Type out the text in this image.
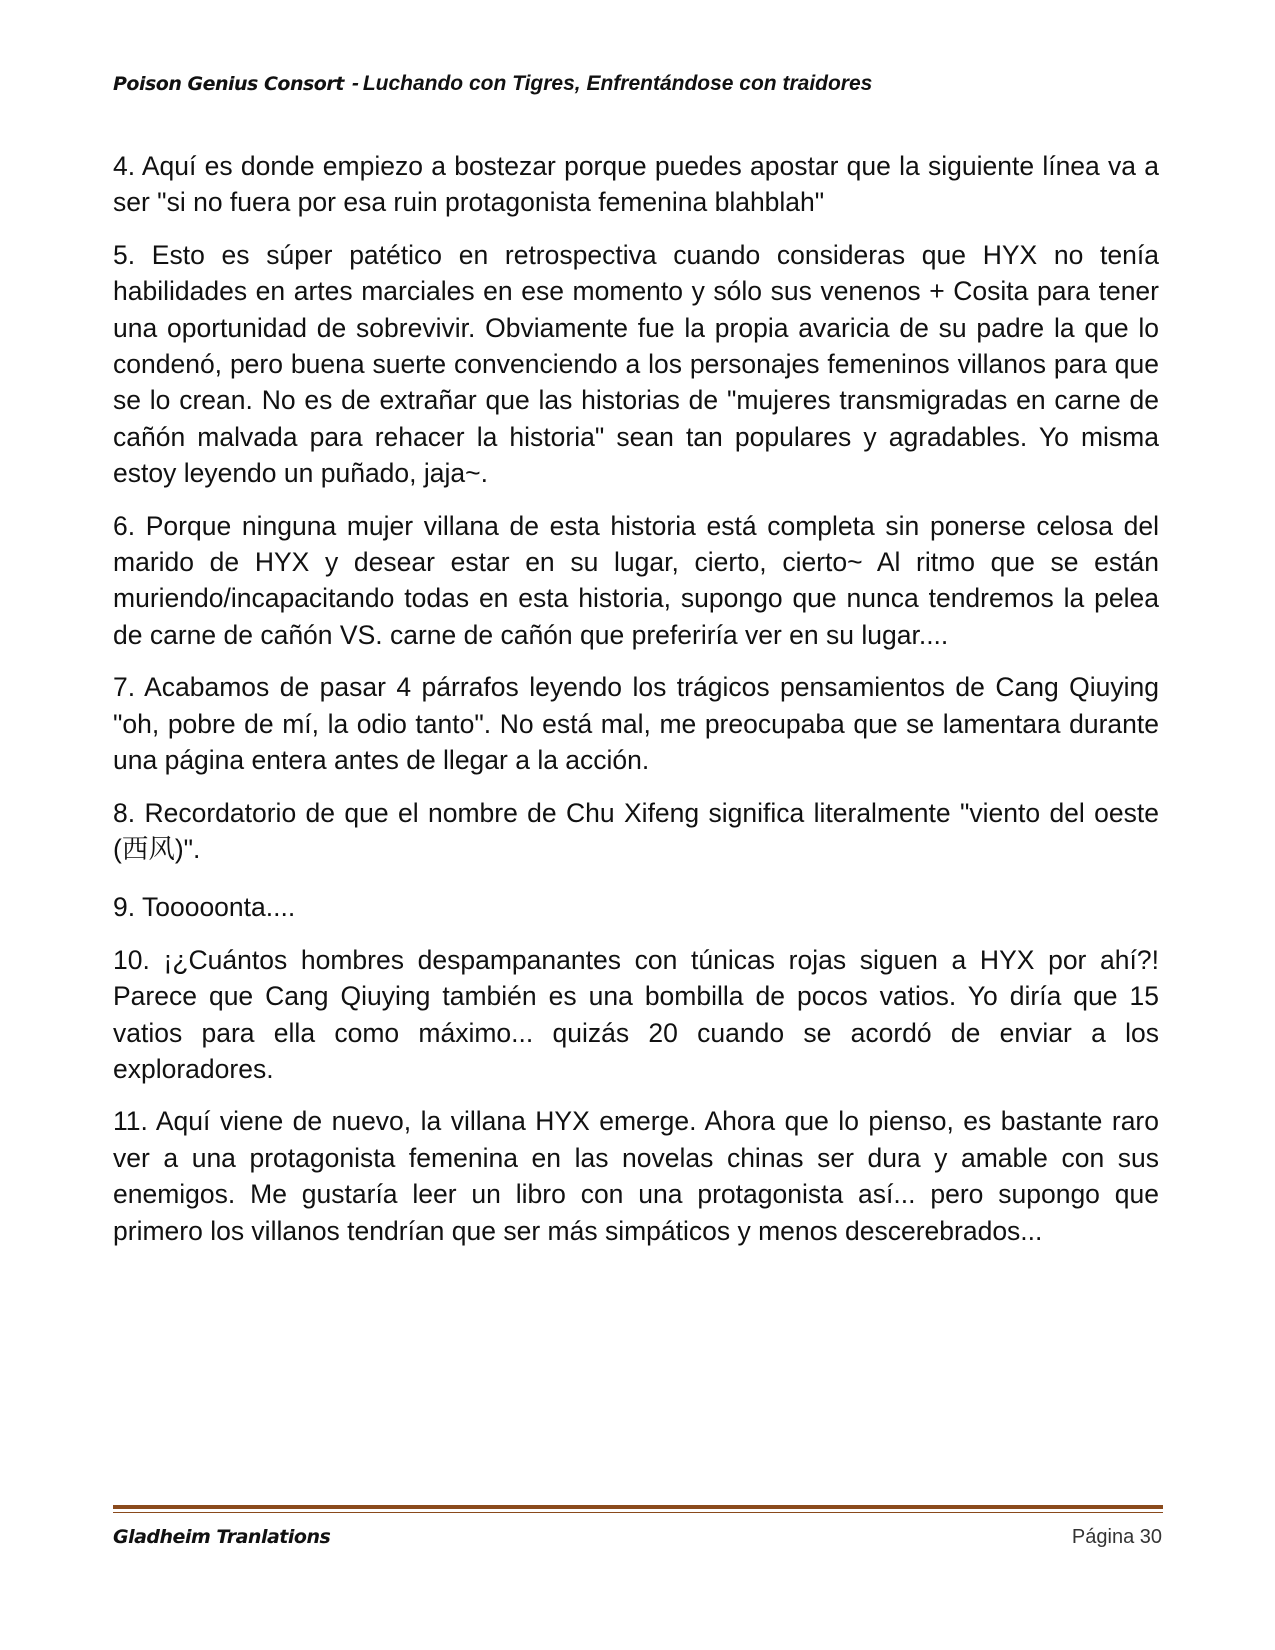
Poison Genius Consort - Luchando con Tigres, Enfrentándose con traidores

4. Aquí es donde empiezo a bostezar porque puedes apostar que la siguiente línea va a ser "si no fuera por esa ruin protagonista femenina blahblah"

5. Esto es súper patético en retrospectiva cuando consideras que HYX no tenía habilidades en artes marciales en ese momento y sólo sus venenos + Cosita para tener una oportunidad de sobrevivir. Obviamente fue la propia avaricia de su padre la que lo condenó, pero buena suerte convenciendo a los personajes femeninos villanos para que se lo crean. No es de extrañar que las historias de "mujeres transmigradas en carne de cañón malvada para rehacer la historia" sean tan populares y agradables. Yo misma estoy leyendo un puñado, jaja~.

6. Porque ninguna mujer villana de esta historia está completa sin ponerse celosa del marido de HYX y desear estar en su lugar, cierto, cierto~ Al ritmo que se están muriendo/incapacitando todas en esta historia, supongo que nunca tendremos la pelea de carne de cañón VS. carne de cañón que preferiría ver en su lugar....

7. Acabamos de pasar 4 párrafos leyendo los trágicos pensamientos de Cang Qiuying "oh, pobre de mí, la odio tanto". No está mal, me preocupaba que se lamentara durante una página entera antes de llegar a la acción.

8. Recordatorio de que el nombre de Chu Xifeng significa literalmente "viento del oeste (西风)".

9. Tooooonta....

10. ¡¿Cuántos hombres despampanantes con túnicas rojas siguen a HYX por ahí?! Parece que Cang Qiuying también es una bombilla de pocos vatios. Yo diría que 15 vatios para ella como máximo... quizás 20 cuando se acordó de enviar a los exploradores.

11. Aquí viene de nuevo, la villana HYX emerge. Ahora que lo pienso, es bastante raro ver a una protagonista femenina en las novelas chinas ser dura y amable con sus enemigos. Me gustaría leer un libro con una protagonista así... pero supongo que primero los villanos tendrían que ser más simpáticos y menos descerebrados...

Gladheim Tranlations	Página 30
